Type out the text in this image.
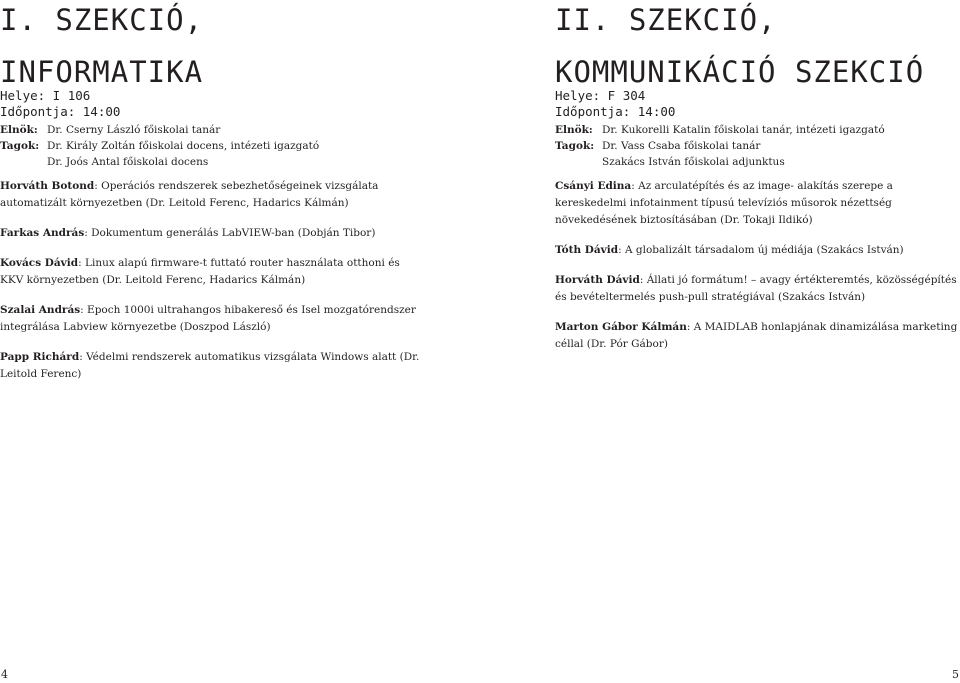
I. SZEKCIÓ,
INFORMATIKA
Helye: I 106
Időpontja: 14:00
Elnök: Dr. Cserny László főiskolai tanár
Tagok: Dr. Király Zoltán főiskolai docens, intézeti igazgató
Dr. Joós Antal főiskolai docens

Horváth Botond: Operációs rendszerek sebezhetőségeinek vizsgálata automatizált környezetben (Dr. Leitold Ferenc, Hadarics Kálmán)

Farkas András: Dokumentum generálás LabVIEW-ban (Dobján Tibor)

Kovács Dávid: Linux alapú firmware-t futtató router használata otthoni és KKV környezetben (Dr. Leitold Ferenc, Hadarics Kálmán)

Szalai András: Epoch 1000i ultrahangos hibakereső és Isel mozgatórendszer integrálása Labview környezetbe (Doszpod László)

Papp Richárd: Védelmi rendszerek automatikus vizsgálata Windows alatt (Dr. Leitold Ferenc)

II. SZEKCIÓ,
KOMMUNIKÁCIÓ SZEKCIÓ
Helye: F 304
Időpontja: 14:00
Elnök: Dr. Kukorelli Katalin főiskolai tanár, intézeti igazgató
Tagok: Dr. Vass Csaba főiskolai tanár
Szakács István főiskolai adjunktus

Csányi Edina: Az arculatépítés és az image- alakítás szerepe a kereskedelmi infotainment típusú televíziós műsorok nézettség növekedésének biztosításában (Dr. Tokaji Ildikó)

Tóth Dávid: A globalizált társadalom új médiája (Szakács István)

Horváth Dávid: Állati jó formátum! – avagy értékteremtés, közösségépítés és bevételtermelés push-pull stratégiával (Szakács István)

Marton Gábor Kálmán: A MAIDLAB honlapjának dinamizálása marketing céllal (Dr. Pór Gábor)

4	5
